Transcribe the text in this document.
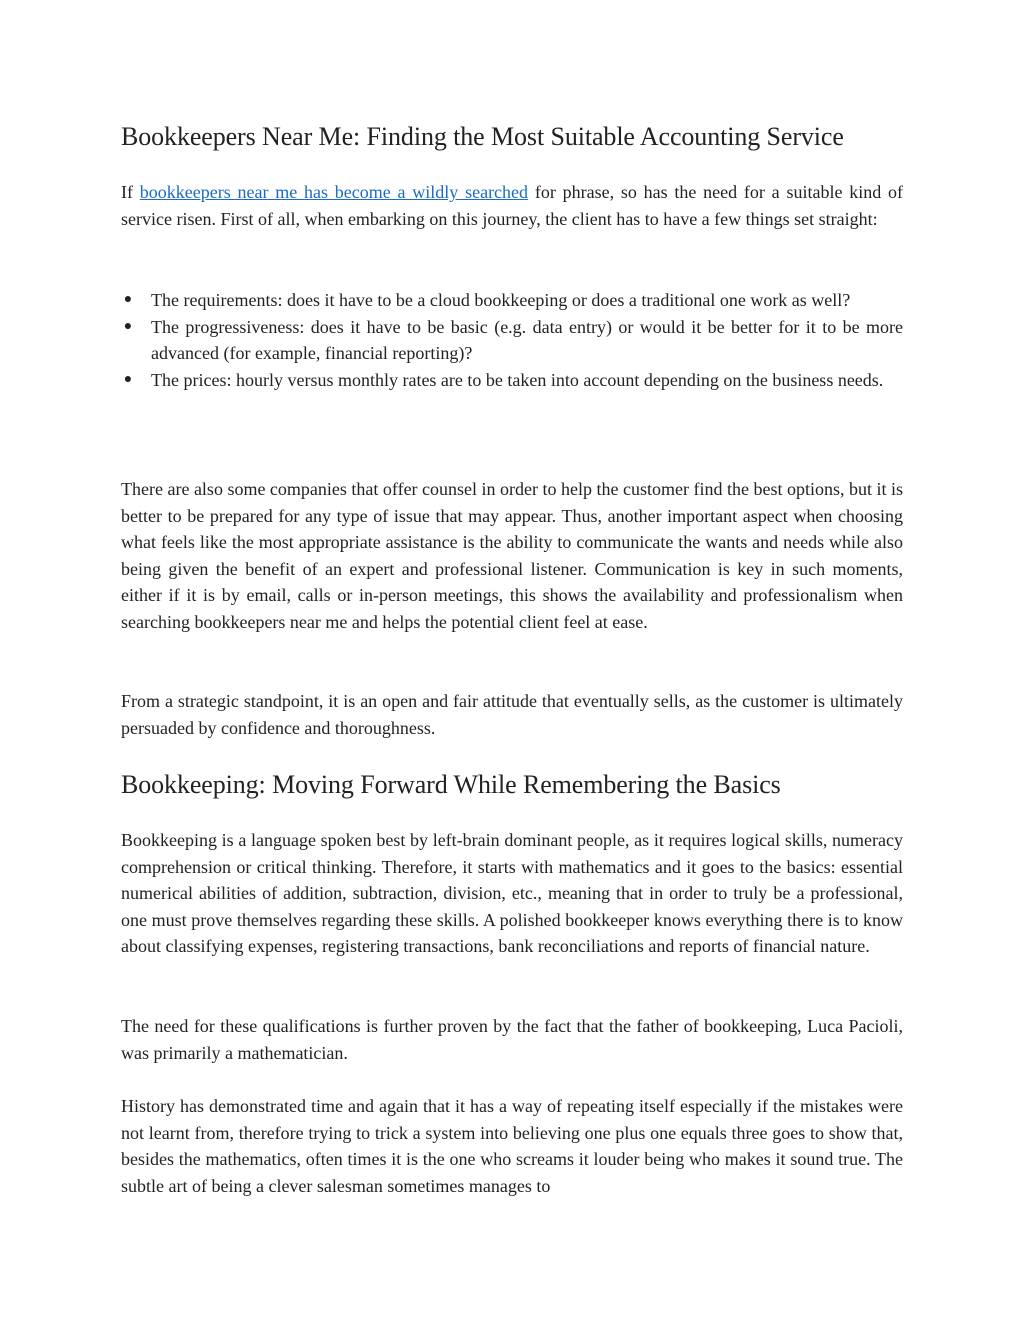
Bookkeepers Near Me: Finding the Most Suitable Accounting Service

If bookkeepers near me has become a wildly searched for phrase, so has the need for a suitable kind of service risen. First of all, when embarking on this journey, the client has to have a few things set straight:

● The requirements: does it have to be a cloud bookkeeping or does a traditional one work as well?
● The progressiveness: does it have to be basic (e.g. data entry) or would it be better for it to be more advanced (for example, financial reporting)?
● The prices: hourly versus monthly rates are to be taken into account depending on the business needs.

There are also some companies that offer counsel in order to help the customer find the best options, but it is better to be prepared for any type of issue that may appear. Thus, another important aspect when choosing what feels like the most appropriate assistance is the ability to communicate the wants and needs while also being given the benefit of an expert and professional listener. Communication is key in such moments, either if it is by email, calls or in-person meetings, this shows the availability and professionalism when searching bookkeepers near me and helps the potential client feel at ease.

From a strategic standpoint, it is an open and fair attitude that eventually sells, as the customer is ultimately persuaded by confidence and thoroughness.

Bookkeeping: Moving Forward While Remembering the Basics

Bookkeeping is a language spoken best by left-brain dominant people, as it requires logical skills, numeracy comprehension or critical thinking. Therefore, it starts with mathematics and it goes to the basics: essential numerical abilities of addition, subtraction, division, etc., meaning that in order to truly be a professional, one must prove themselves regarding these skills. A polished bookkeeper knows everything there is to know about classifying expenses, registering transactions, bank reconciliations and reports of financial nature.

The need for these qualifications is further proven by the fact that the father of bookkeeping, Luca Pacioli, was primarily a mathematician.

History has demonstrated time and again that it has a way of repeating itself especially if the mistakes were not learnt from, therefore trying to trick a system into believing one plus one equals three goes to show that, besides the mathematics, often times it is the one who screams it louder being who makes it sound true. The subtle art of being a clever salesman sometimes manages to
